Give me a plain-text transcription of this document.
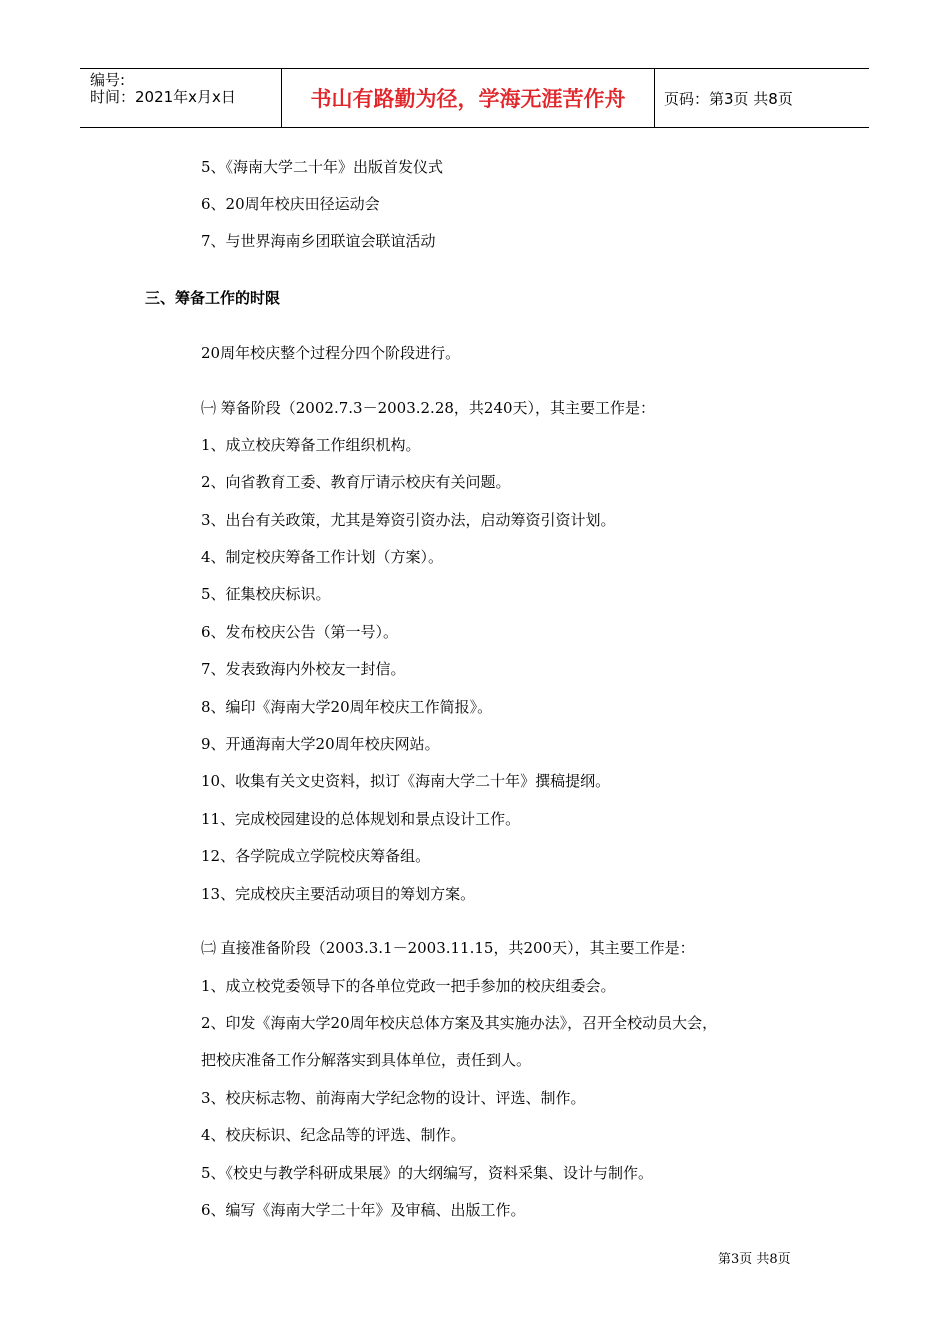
编号:
时间：2021年x月x日	书山有路勤为径，学海无涯苦作舟	页码：第3页 共8页
5、《海南大学二十年》出版首发仪式
6、20周年校庆田径运动会
7、与世界海南乡团联谊会联谊活动
三、筹备工作的时限
20周年校庆整个过程分四个阶段进行。
㈠ 筹备阶段（2002.7.3－2003.2.28，共240天），其主要工作是：
1、成立校庆筹备工作组织机构。
2、向省教育工委、教育厅请示校庆有关问题。
3、出台有关政策，尤其是筹资引资办法，启动筹资引资计划。
4、制定校庆筹备工作计划（方案）。
5、征集校庆标识。
6、发布校庆公告（第一号）。
7、发表致海内外校友一封信。
8、编印《海南大学20周年校庆工作简报》。
9、开通海南大学20周年校庆网站。
10、收集有关文史资料，拟订《海南大学二十年》撰稿提纲。
11、完成校园建设的总体规划和景点设计工作。
12、各学院成立学院校庆筹备组。
13、完成校庆主要活动项目的筹划方案。
㈡ 直接准备阶段（2003.3.1－2003.11.15，共200天），其主要工作是：
1、成立校党委领导下的各单位党政一把手参加的校庆组委会。
2、印发《海南大学20周年校庆总体方案及其实施办法》，召开全校动员大会，
把校庆准备工作分解落实到具体单位，责任到人。
3、校庆标志物、前海南大学纪念物的设计、评选、制作。
4、校庆标识、纪念品等的评选、制作。
5、《校史与教学科研成果展》的大纲编写，资料采集、设计与制作。
6、编写《海南大学二十年》及审稿、出版工作。
第3页 共8页
